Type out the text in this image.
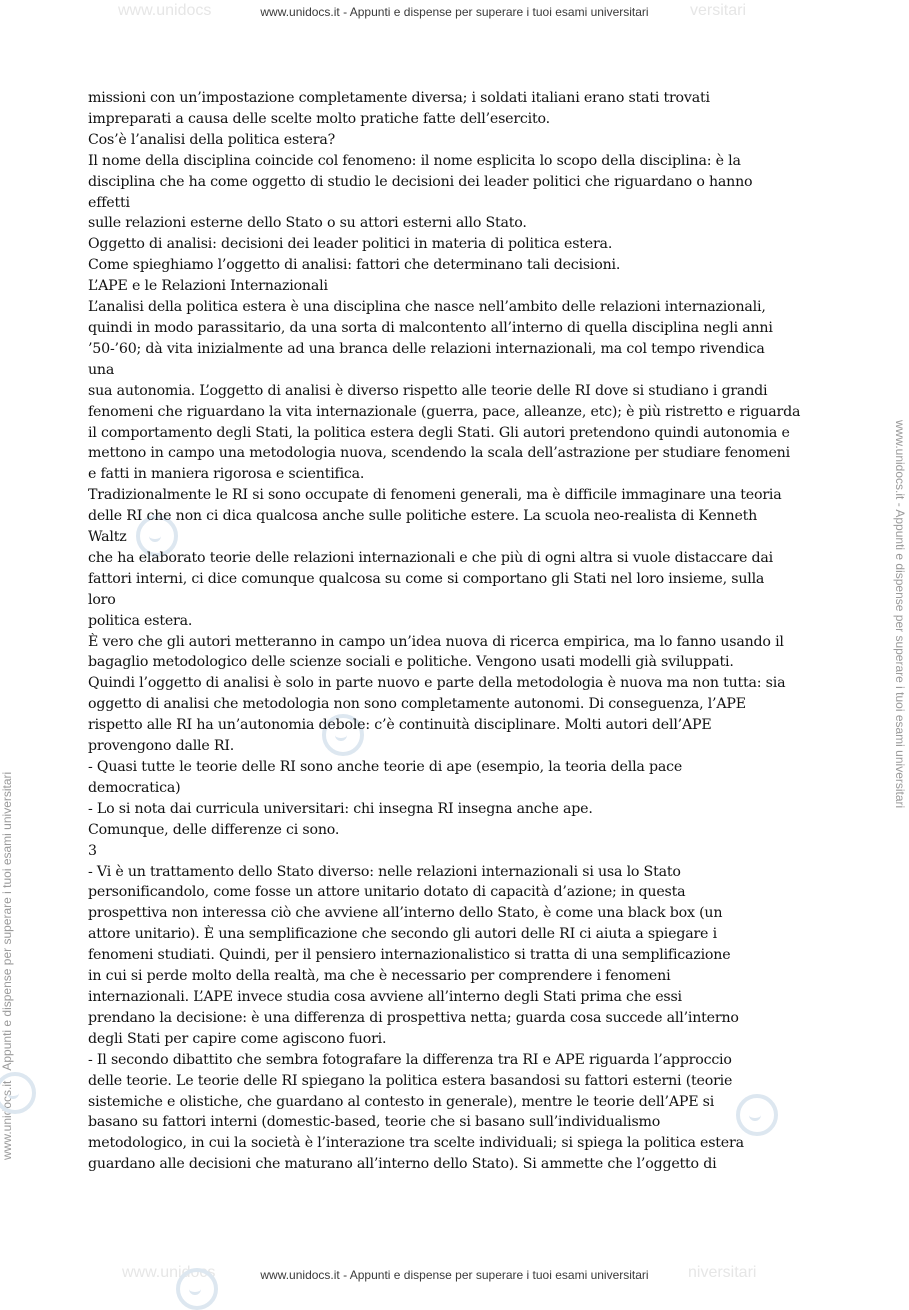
www.unidocs	versitari
www.unidocs	niversitari
www.unidocs.it - Appunti e dispense per superare i tuoi esami universitari
www.unidocs.it - Appunti e dispense per superare i tuoi esami universitari
www.unidocs.it - Appunti e dispense per superare i tuoi esami universitari
www.unidocs.it - Appunti e dispense per superare i tuoi esami universitari

missioni con un’impostazione completamente diversa; i soldati italiani erano stati trovati

impreparati a causa delle scelte molto pratiche fatte dell’esercito.

Cos’è l’analisi della politica estera?

Il nome della disciplina coincide col fenomeno: il nome esplicita lo scopo della disciplina: è la

disciplina che ha come oggetto di studio le decisioni dei leader politici che riguardano o hanno

effetti

sulle relazioni esterne dello Stato o su attori esterni allo Stato.

Oggetto di analisi: decisioni dei leader politici in materia di politica estera.

Come spieghiamo l’oggetto di analisi: fattori che determinano tali decisioni.

L’APE e le Relazioni Internazionali

L’analisi della politica estera è una disciplina che nasce nell’ambito delle relazioni internazionali,

quindi in modo parassitario, da una sorta di malcontento all’interno di quella disciplina negli anni

’50-’60; dà vita inizialmente ad una branca delle relazioni internazionali, ma col tempo rivendica

una

sua autonomia. L’oggetto di analisi è diverso rispetto alle teorie delle RI dove si studiano i grandi

fenomeni che riguardano la vita internazionale (guerra, pace, alleanze, etc); è più ristretto e riguarda

il comportamento degli Stati, la politica estera degli Stati. Gli autori pretendono quindi autonomia e

mettono in campo una metodologia nuova, scendendo la scala dell’astrazione per studiare fenomeni

e fatti in maniera rigorosa e scientifica.

Tradizionalmente le RI si sono occupate di fenomeni generali, ma è difficile immaginare una teoria

delle RI che non ci dica qualcosa anche sulle politiche estere. La scuola neo-realista di Kenneth

Waltz

che ha elaborato teorie delle relazioni internazionali e che più di ogni altra si vuole distaccare dai

fattori interni, ci dice comunque qualcosa su come si comportano gli Stati nel loro insieme, sulla

loro

politica estera.

È vero che gli autori metteranno in campo un’idea nuova di ricerca empirica, ma lo fanno usando il

bagaglio metodologico delle scienze sociali e politiche. Vengono usati modelli già sviluppati.

Quindi l’oggetto di analisi è solo in parte nuovo e parte della metodologia è nuova ma non tutta: sia

oggetto di analisi che metodologia non sono completamente autonomi. Di conseguenza, l’APE

rispetto alle RI ha un’autonomia debole: c’è continuità disciplinare. Molti autori dell’APE

provengono dalle RI.

- Quasi tutte le teorie delle RI sono anche teorie di ape (esempio, la teoria della pace

democratica)

- Lo si nota dai curricula universitari: chi insegna RI insegna anche ape.

Comunque, delle differenze ci sono.

3

- Vi è un trattamento dello Stato diverso: nelle relazioni internazionali si usa lo Stato

personificandolo, come fosse un attore unitario dotato di capacità d’azione; in questa

prospettiva non interessa ciò che avviene all’interno dello Stato, è come una black box (un

attore unitario). È una semplificazione che secondo gli autori delle RI ci aiuta a spiegare i

fenomeni studiati. Quindi, per il pensiero internazionalistico si tratta di una semplificazione

in cui si perde molto della realtà, ma che è necessario per comprendere i fenomeni

internazionali. L’APE invece studia cosa avviene all’interno degli Stati prima che essi

prendano la decisione: è una differenza di prospettiva netta; guarda cosa succede all’interno

degli Stati per capire come agiscono fuori.

- Il secondo dibattito che sembra fotografare la differenza tra RI e APE riguarda l’approccio

delle teorie. Le teorie delle RI spiegano la politica estera basandosi su fattori esterni (teorie

sistemiche e olistiche, che guardano al contesto in generale), mentre le teorie dell’APE si

basano su fattori interni (domestic-based, teorie che si basano sull’individualismo

metodologico, in cui la società è l’interazione tra scelte individuali; si spiega la politica estera

guardano alle decisioni che maturano all’interno dello Stato). Si ammette che l’oggetto di
